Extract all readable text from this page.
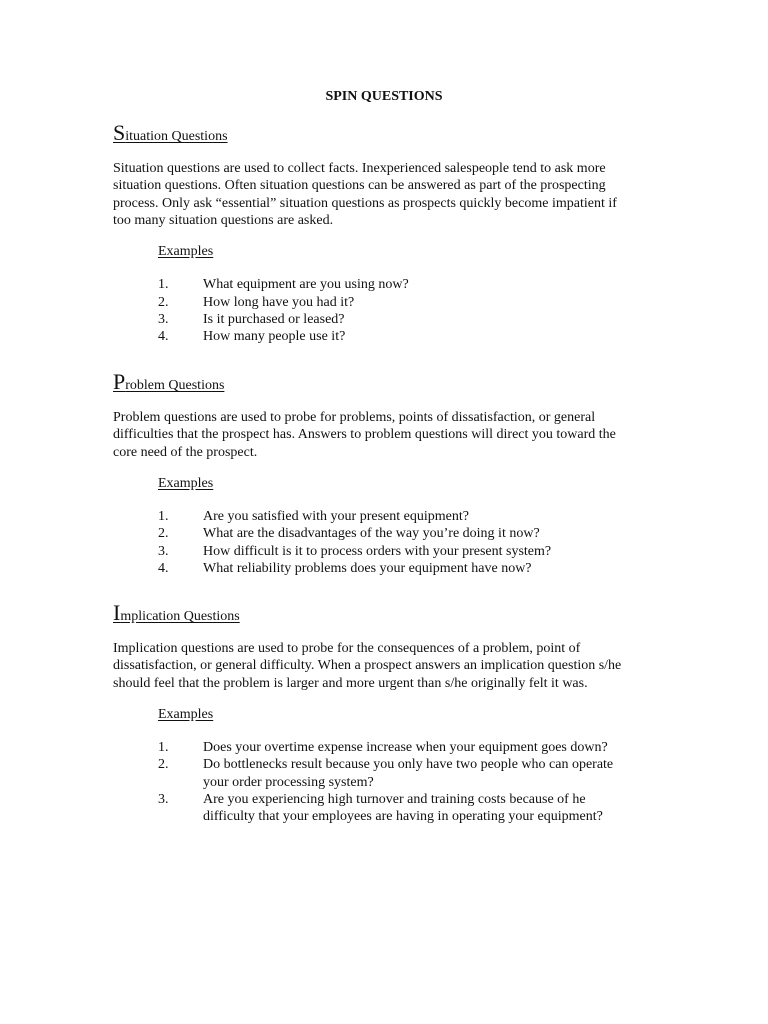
SPIN QUESTIONS
Situation Questions

Situation questions are used to collect facts. Inexperienced salespeople tend to ask more situation questions. Often situation questions can be answered as part of the prospecting process. Only ask “essential” situation questions as prospects quickly become impatient if too many situation questions are asked.

Examples
1.	What equipment are you using now?
2.	How long have you had it?
3.	Is it purchased or leased?
4.	How many people use it?
Problem Questions

Problem questions are used to probe for problems, points of dissatisfaction, or general difficulties that the prospect has. Answers to problem questions will direct you toward the core need of the prospect.

Examples
1.	Are you satisfied with your present equipment?
2.	What are the disadvantages of the way you’re doing it now?
3.	How difficult is it to process orders with your present system?
4.	What reliability problems does your equipment have now?
Implication Questions

Implication questions are used to probe for the consequences of a problem, point of dissatisfaction, or general difficulty. When a prospect answers an implication question s/he should feel that the problem is larger and more urgent than s/he originally felt it was.

Examples
1.	Does your overtime expense increase when your equipment goes down?
2.	Do bottlenecks result because you only have two people who can operate your order processing system?
3.	Are you experiencing high turnover and training costs because of he difficulty that your employees are having in operating your equipment?
